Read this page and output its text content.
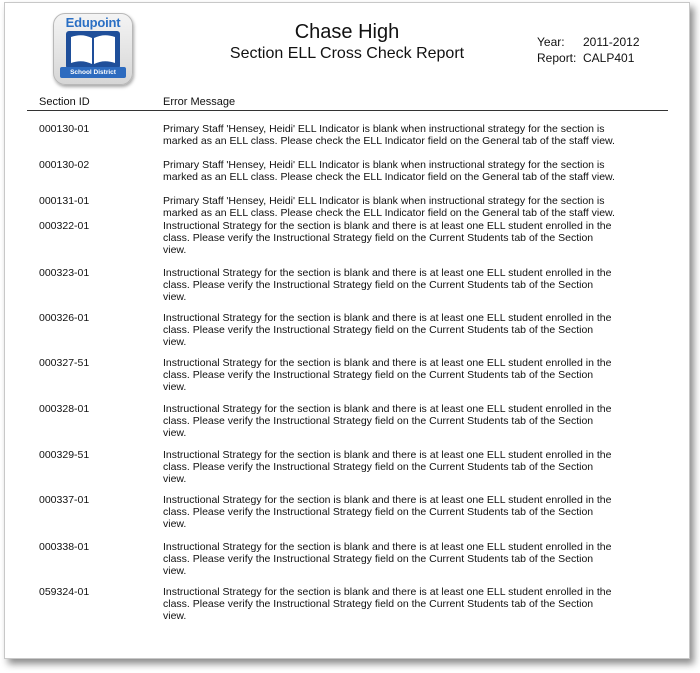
Edupoint
School District
Chase High
Section ELL Cross Check Report
Year:	2011-2012
Report: CALP401
Section ID	Error Message
000130-01	Primary Staff 'Hensey, Heidi' ELL Indicator is blank when instructional strategy for the section is
marked as an ELL class. Please check the ELL Indicator field on the General tab of the staff view.
000130-02	Primary Staff 'Hensey, Heidi' ELL Indicator is blank when instructional strategy for the section is
marked as an ELL class. Please check the ELL Indicator field on the General tab of the staff view.
000131-01	Primary Staff 'Hensey, Heidi' ELL Indicator is blank when instructional strategy for the section is
marked as an ELL class. Please check the ELL Indicator field on the General tab of the staff view.
000322-01	Instructional Strategy for the section is blank and there is at least one ELL student enrolled in the
class. Please verify the Instructional Strategy field on the Current Students tab of the Section
view.
000323-01	Instructional Strategy for the section is blank and there is at least one ELL student enrolled in the
class. Please verify the Instructional Strategy field on the Current Students tab of the Section
view.
000326-01	Instructional Strategy for the section is blank and there is at least one ELL student enrolled in the
class. Please verify the Instructional Strategy field on the Current Students tab of the Section
view.
000327-51	Instructional Strategy for the section is blank and there is at least one ELL student enrolled in the
class. Please verify the Instructional Strategy field on the Current Students tab of the Section
view.
000328-01	Instructional Strategy for the section is blank and there is at least one ELL student enrolled in the
class. Please verify the Instructional Strategy field on the Current Students tab of the Section
view.
000329-51	Instructional Strategy for the section is blank and there is at least one ELL student enrolled in the
class. Please verify the Instructional Strategy field on the Current Students tab of the Section
view.
000337-01	Instructional Strategy for the section is blank and there is at least one ELL student enrolled in the
class. Please verify the Instructional Strategy field on the Current Students tab of the Section
view.
000338-01	Instructional Strategy for the section is blank and there is at least one ELL student enrolled in the
class. Please verify the Instructional Strategy field on the Current Students tab of the Section
view.
059324-01	Instructional Strategy for the section is blank and there is at least one ELL student enrolled in the
class. Please verify the Instructional Strategy field on the Current Students tab of the Section
view.
